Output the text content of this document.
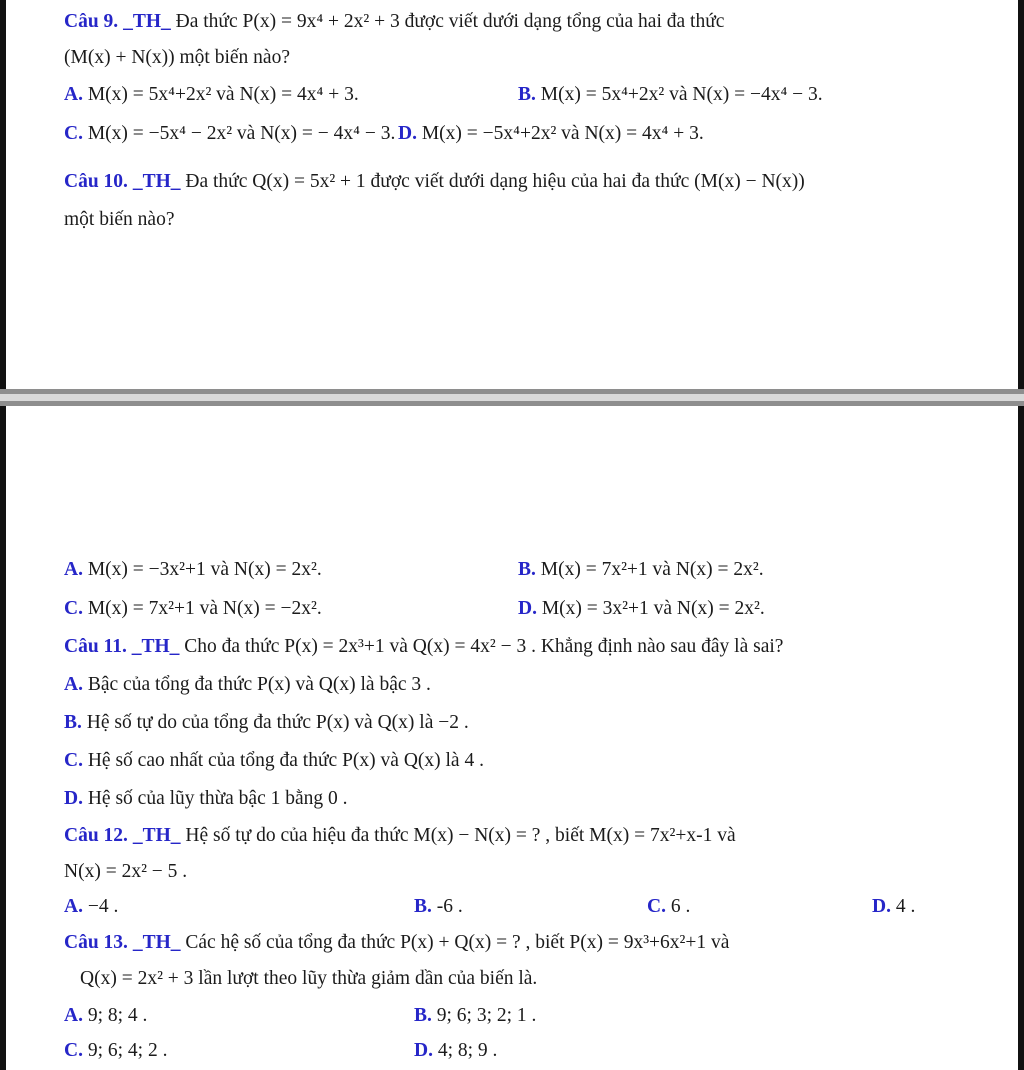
Câu 9. _TH_ Đa thức P(x) = 9x⁴ + 2x² + 3 được viết dưới dạng tổng của hai đa thức
(M(x) + N(x)) một biến nào?
A. M(x) = 5x⁴+2x² và N(x) = 4x⁴ + 3.	B. M(x) = 5x⁴+2x² và N(x) = −4x⁴ − 3.
C. M(x) = −5x⁴ − 2x² và N(x) = − 4x⁴ − 3. D. M(x) = −5x⁴+2x² và N(x) = 4x⁴ + 3.
Câu 10. _TH_ Đa thức Q(x) = 5x² + 1 được viết dưới dạng hiệu của hai đa thức (M(x) − N(x))
một biến nào?
A. M(x) = −3x²+1 và N(x) = 2x².	B. M(x) = 7x²+1 và N(x) = 2x².
C. M(x) = 7x²+1 và N(x) = −2x².	D. M(x) = 3x²+1 và N(x) = 2x².
Câu 11. _TH_ Cho đa thức P(x) = 2x³+1 và Q(x) = 4x² − 3 . Khẳng định nào sau đây là sai?
A. Bậc của tổng đa thức P(x) và Q(x) là bậc 3 .
B. Hệ số tự do của tổng đa thức P(x) và Q(x) là −2 .
C. Hệ số cao nhất của tổng đa thức P(x) và Q(x) là 4 .
D. Hệ số của lũy thừa bậc 1 bằng 0 .
Câu 12. _TH_ Hệ số tự do của hiệu đa thức M(x) − N(x) = ? , biết M(x) = 7x²+x-1 và
N(x) = 2x² − 5 .
A. −4 .	B. -6 .	C. 6 .	D. 4 .
Câu 13. _TH_ Các hệ số của tổng đa thức P(x) + Q(x) = ? , biết P(x) = 9x³+6x²+1 và
Q(x) = 2x² + 3 lần lượt theo lũy thừa giảm dần của biến là.
A. 9; 8; 4 .	B. 9; 6; 3; 2; 1 .
C. 9; 6; 4; 2 .	D. 4; 8; 9 .
